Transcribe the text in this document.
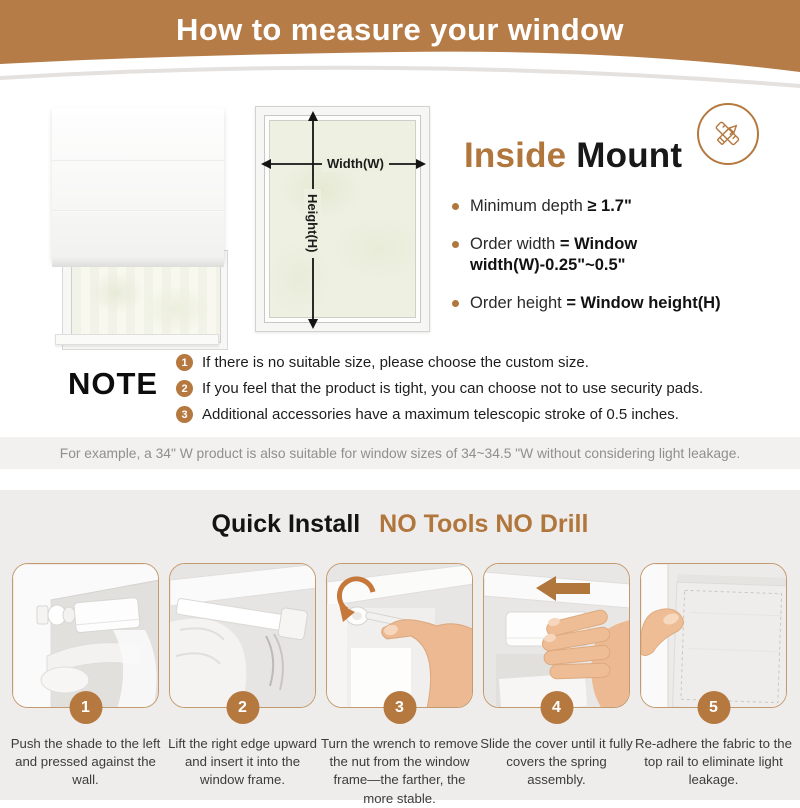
How to measure your window
Width(W)
Height(H)
Inside Mount
Minimum depth ≥ 1.7"
Order width = Window width(W)-0.25"~0.5"
Order height = Window height(H)
NOTE
1 If there is no suitable size, please choose the custom size.
2 If you feel that the product is tight, you can choose not to use security pads.
3 Additional accessories have a maximum telescopic stroke of 0.5 inches.
For example, a 34" W product is also suitable for window sizes of 34~34.5 "W without considering light leakage.
Quick Install NO Tools NO Drill
1
Push the shade to the left and pressed against the wall.
2
Lift the right edge upward and insert it into the window frame.
3
Turn the wrench to remove the nut from the window frame—the farther, the more stable.
4
Slide the cover until it fully covers the spring assembly.
5
Re-adhere the fabric to the top rail to eliminate light leakage.
